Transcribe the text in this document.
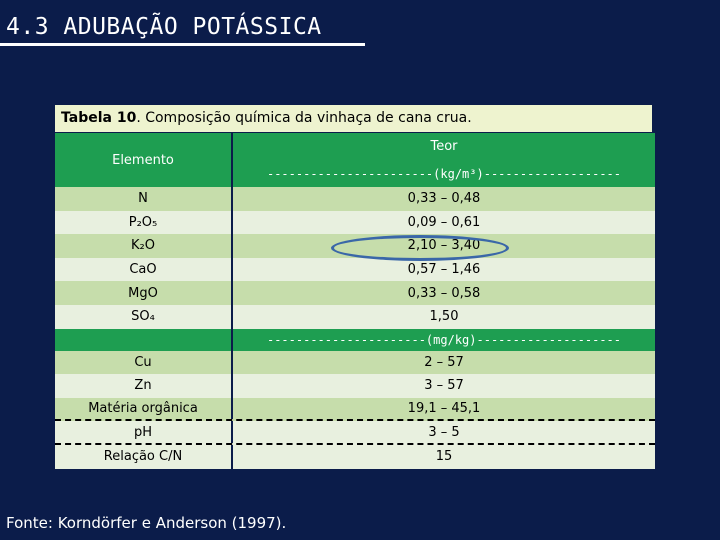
4.3 ADUBAÇÃO POTÁSSICA
Tabela 10. Composição química da vinhaça de cana crua.
Elemento
Teor
-----------------------(kg/m³)-------------------
N	0,33 – 0,48
P₂O₅	0,09 – 0,61
K₂O	2,10 – 3,40
CaO	0,57 – 1,46
MgO	0,33 – 0,58
SO₄	1,50
----------------------(mg/kg)--------------------
Cu	2 – 57
Zn	3 – 57
Matéria orgânica	19,1 – 45,1
pH	3 – 5
Relação C/N	15
Fonte: Korndörfer e Anderson (1997).
